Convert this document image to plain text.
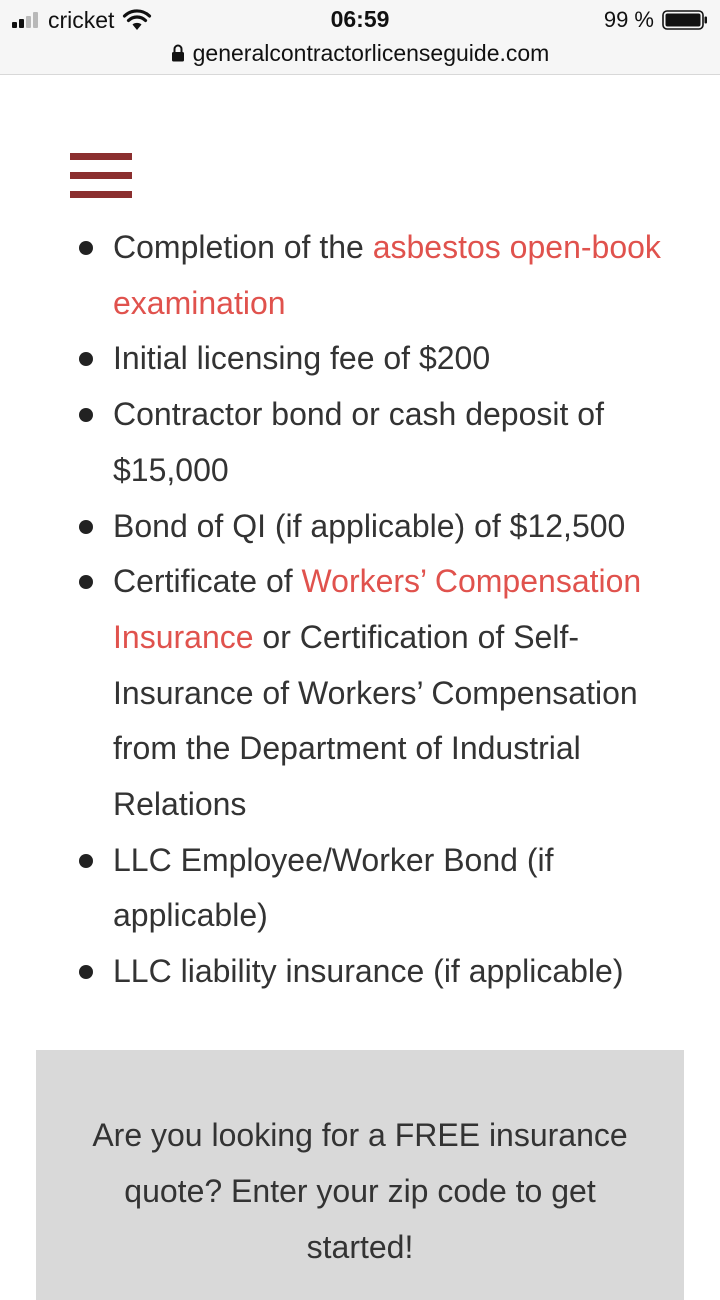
cricket	06:59	99 %
generalcontractorlicenseguide.com
Completion of the asbestos open-book examination
Initial licensing fee of $200
Contractor bond or cash deposit of $15,000
Bond of QI (if applicable) of $12,500
Certificate of Workers’ Compensation Insurance or Certification of Self-Insurance of Workers’ Compensation from the Department of Industrial Relations
LLC Employee/Worker Bond (if applicable)
LLC liability insurance (if applicable)

Are you looking for a FREE insurance quote? Enter your zip code to get started!
